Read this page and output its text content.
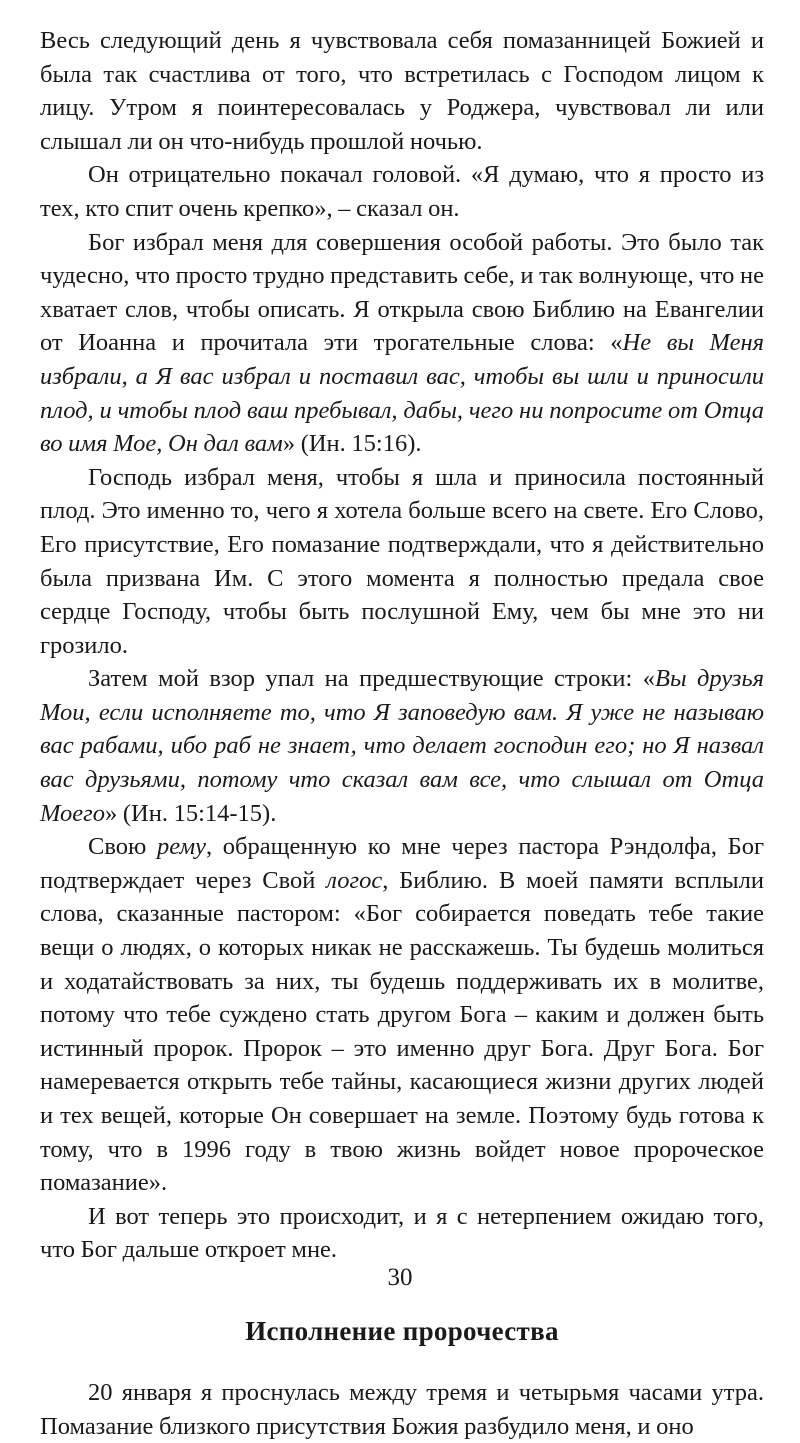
Весь следующий день я чувствовала себя помазанницей Божией и была так счастлива от того, что встретилась с Господом лицом к лицу. Утром я поинтересовалась у Роджера, чувствовал ли или слышал ли он что-нибудь прошлой ночью.

Он отрицательно покачал головой. «Я думаю, что я просто из тех, кто спит очень крепко», – сказал он.

Бог избрал меня для совершения особой работы. Это было так чудесно, что просто трудно представить себе, и так волнующе, что не хватает слов, чтобы описать. Я открыла свою Библию на Евангелии от Иоанна и прочитала эти трогательные слова: «Не вы Меня избрали, а Я вас избрал и поставил вас, чтобы вы шли и приносили плод, и чтобы плод ваш пребывал, дабы, чего ни попросите от Отца во имя Мое, Он дал вам» (Ин. 15:16).

Господь избрал меня, чтобы я шла и приносила постоянный плод. Это именно то, чего я хотела больше всего на свете. Его Слово, Его присутствие, Его помазание подтверждали, что я действительно была призвана Им. С этого момента я полностью предала свое сердце Господу, чтобы быть послушной Ему, чем бы мне это ни грозило.

Затем мой взор упал на предшествующие строки: «Вы друзья Мои, если исполняете то, что Я заповедую вам. Я уже не называю вас рабами, ибо раб не знает, что делает господин его; но Я назвал вас друзьями, потому что сказал вам все, что слышал от Отца Моего» (Ин. 15:14-15).

Свою рему, обращенную ко мне через пастора Рэндолфа, Бог подтверждает через Свой логос, Библию. В моей памяти всплыли слова, сказанные пастором: «Бог собирается поведать тебе такие вещи о людях, о которых никак не расскажешь. Ты будешь молиться и ходатайствовать за них, ты будешь поддерживать их в молитве, потому что тебе суждено стать другом Бога – каким и должен быть истинный пророк. Пророк – это именно друг Бога. Друг Бога. Бог намеревается открыть тебе тайны, касающиеся жизни других людей и тех вещей, которые Он совершает на земле. Поэтому будь готова к тому, что в 1996 году в твою жизнь войдет новое пророческое помазание».

И вот теперь это происходит, и я с нетерпением ожидаю того, что Бог дальше откроет мне.

Исполнение пророчества

20 января я проснулась между тремя и четырьмя часами утра. Помазание близкого присутствия Божия разбудило меня, и оно

30
